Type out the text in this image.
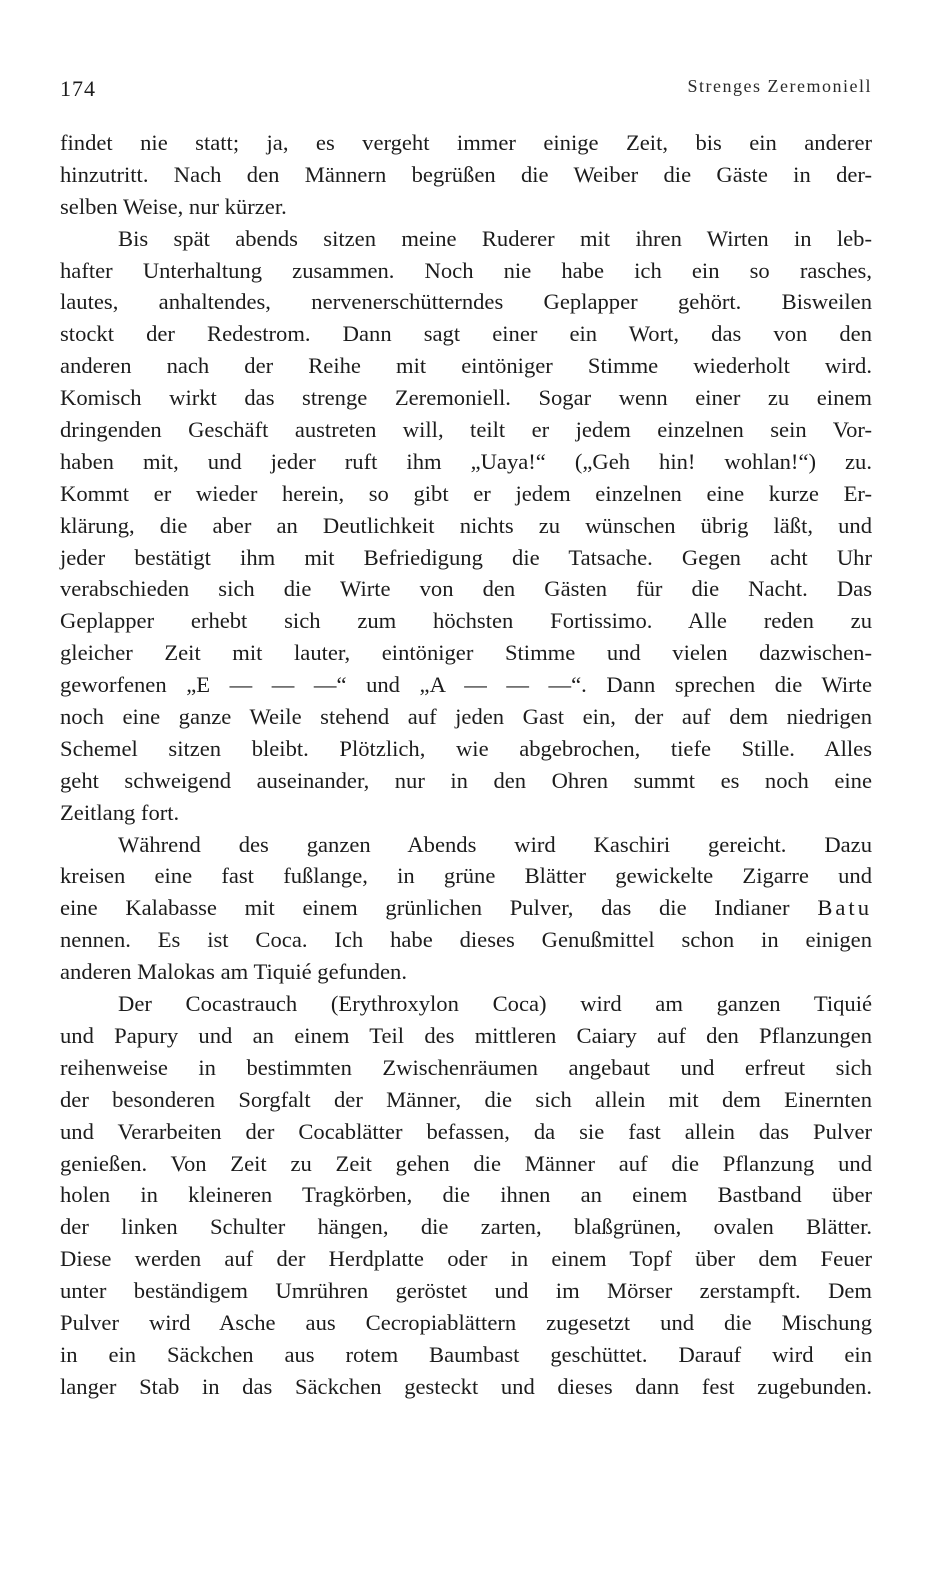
174	Strenges Zeremoniell
findet nie statt; ja, es vergeht immer einige Zeit, bis ein anderer
hinzutritt. Nach den Männern begrüßen die Weiber die Gäste in der-
selben Weise, nur kürzer.
Bis spät abends sitzen meine Ruderer mit ihren Wirten in leb-
hafter Unterhaltung zusammen. Noch nie habe ich ein so rasches,
lautes, anhaltendes, nervenerschütterndes Geplapper gehört. Bisweilen
stockt der Redestrom. Dann sagt einer ein Wort, das von den
anderen nach der Reihe mit eintöniger Stimme wiederholt wird.
Komisch wirkt das strenge Zeremoniell. Sogar wenn einer zu einem
dringenden Geschäft austreten will, teilt er jedem einzelnen sein Vor-
haben mit, und jeder ruft ihm „Uaya!“ („Geh hin! wohlan!“) zu.
Kommt er wieder herein, so gibt er jedem einzelnen eine kurze Er-
klärung, die aber an Deutlichkeit nichts zu wünschen übrig läßt, und
jeder bestätigt ihm mit Befriedigung die Tatsache. Gegen acht Uhr
verabschieden sich die Wirte von den Gästen für die Nacht. Das
Geplapper erhebt sich zum höchsten Fortissimo. Alle reden zu
gleicher Zeit mit lauter, eintöniger Stimme und vielen dazwischen-
geworfenen „E — — —“ und „A — — —“. Dann sprechen die Wirte
noch eine ganze Weile stehend auf jeden Gast ein, der auf dem niedrigen
Schemel sitzen bleibt. Plötzlich, wie abgebrochen, tiefe Stille. Alles
geht schweigend auseinander, nur in den Ohren summt es noch eine
Zeitlang fort.
Während des ganzen Abends wird Kaschiri gereicht. Dazu
kreisen eine fast fußlange, in grüne Blätter gewickelte Zigarre und
eine Kalabasse mit einem grünlichen Pulver, das die Indianer Batu
nennen. Es ist Coca. Ich habe dieses Genußmittel schon in einigen
anderen Malokas am Tiquié gefunden.
Der Cocastrauch (Erythroxylon Coca) wird am ganzen Tiquié
und Papury und an einem Teil des mittleren Caiary auf den Pflanzungen
reihenweise in bestimmten Zwischenräumen angebaut und erfreut sich
der besonderen Sorgfalt der Männer, die sich allein mit dem Einernten
und Verarbeiten der Cocablätter befassen, da sie fast allein das Pulver
genießen. Von Zeit zu Zeit gehen die Männer auf die Pflanzung und
holen in kleineren Tragkörben, die ihnen an einem Bastband über
der linken Schulter hängen, die zarten, blaßgrünen, ovalen Blätter.
Diese werden auf der Herdplatte oder in einem Topf über dem Feuer
unter beständigem Umrühren geröstet und im Mörser zerstampft. Dem
Pulver wird Asche aus Cecropiablättern zugesetzt und die Mischung
in ein Säckchen aus rotem Baumbast geschüttet. Darauf wird ein
langer Stab in das Säckchen gesteckt und dieses dann fest zugebunden.
